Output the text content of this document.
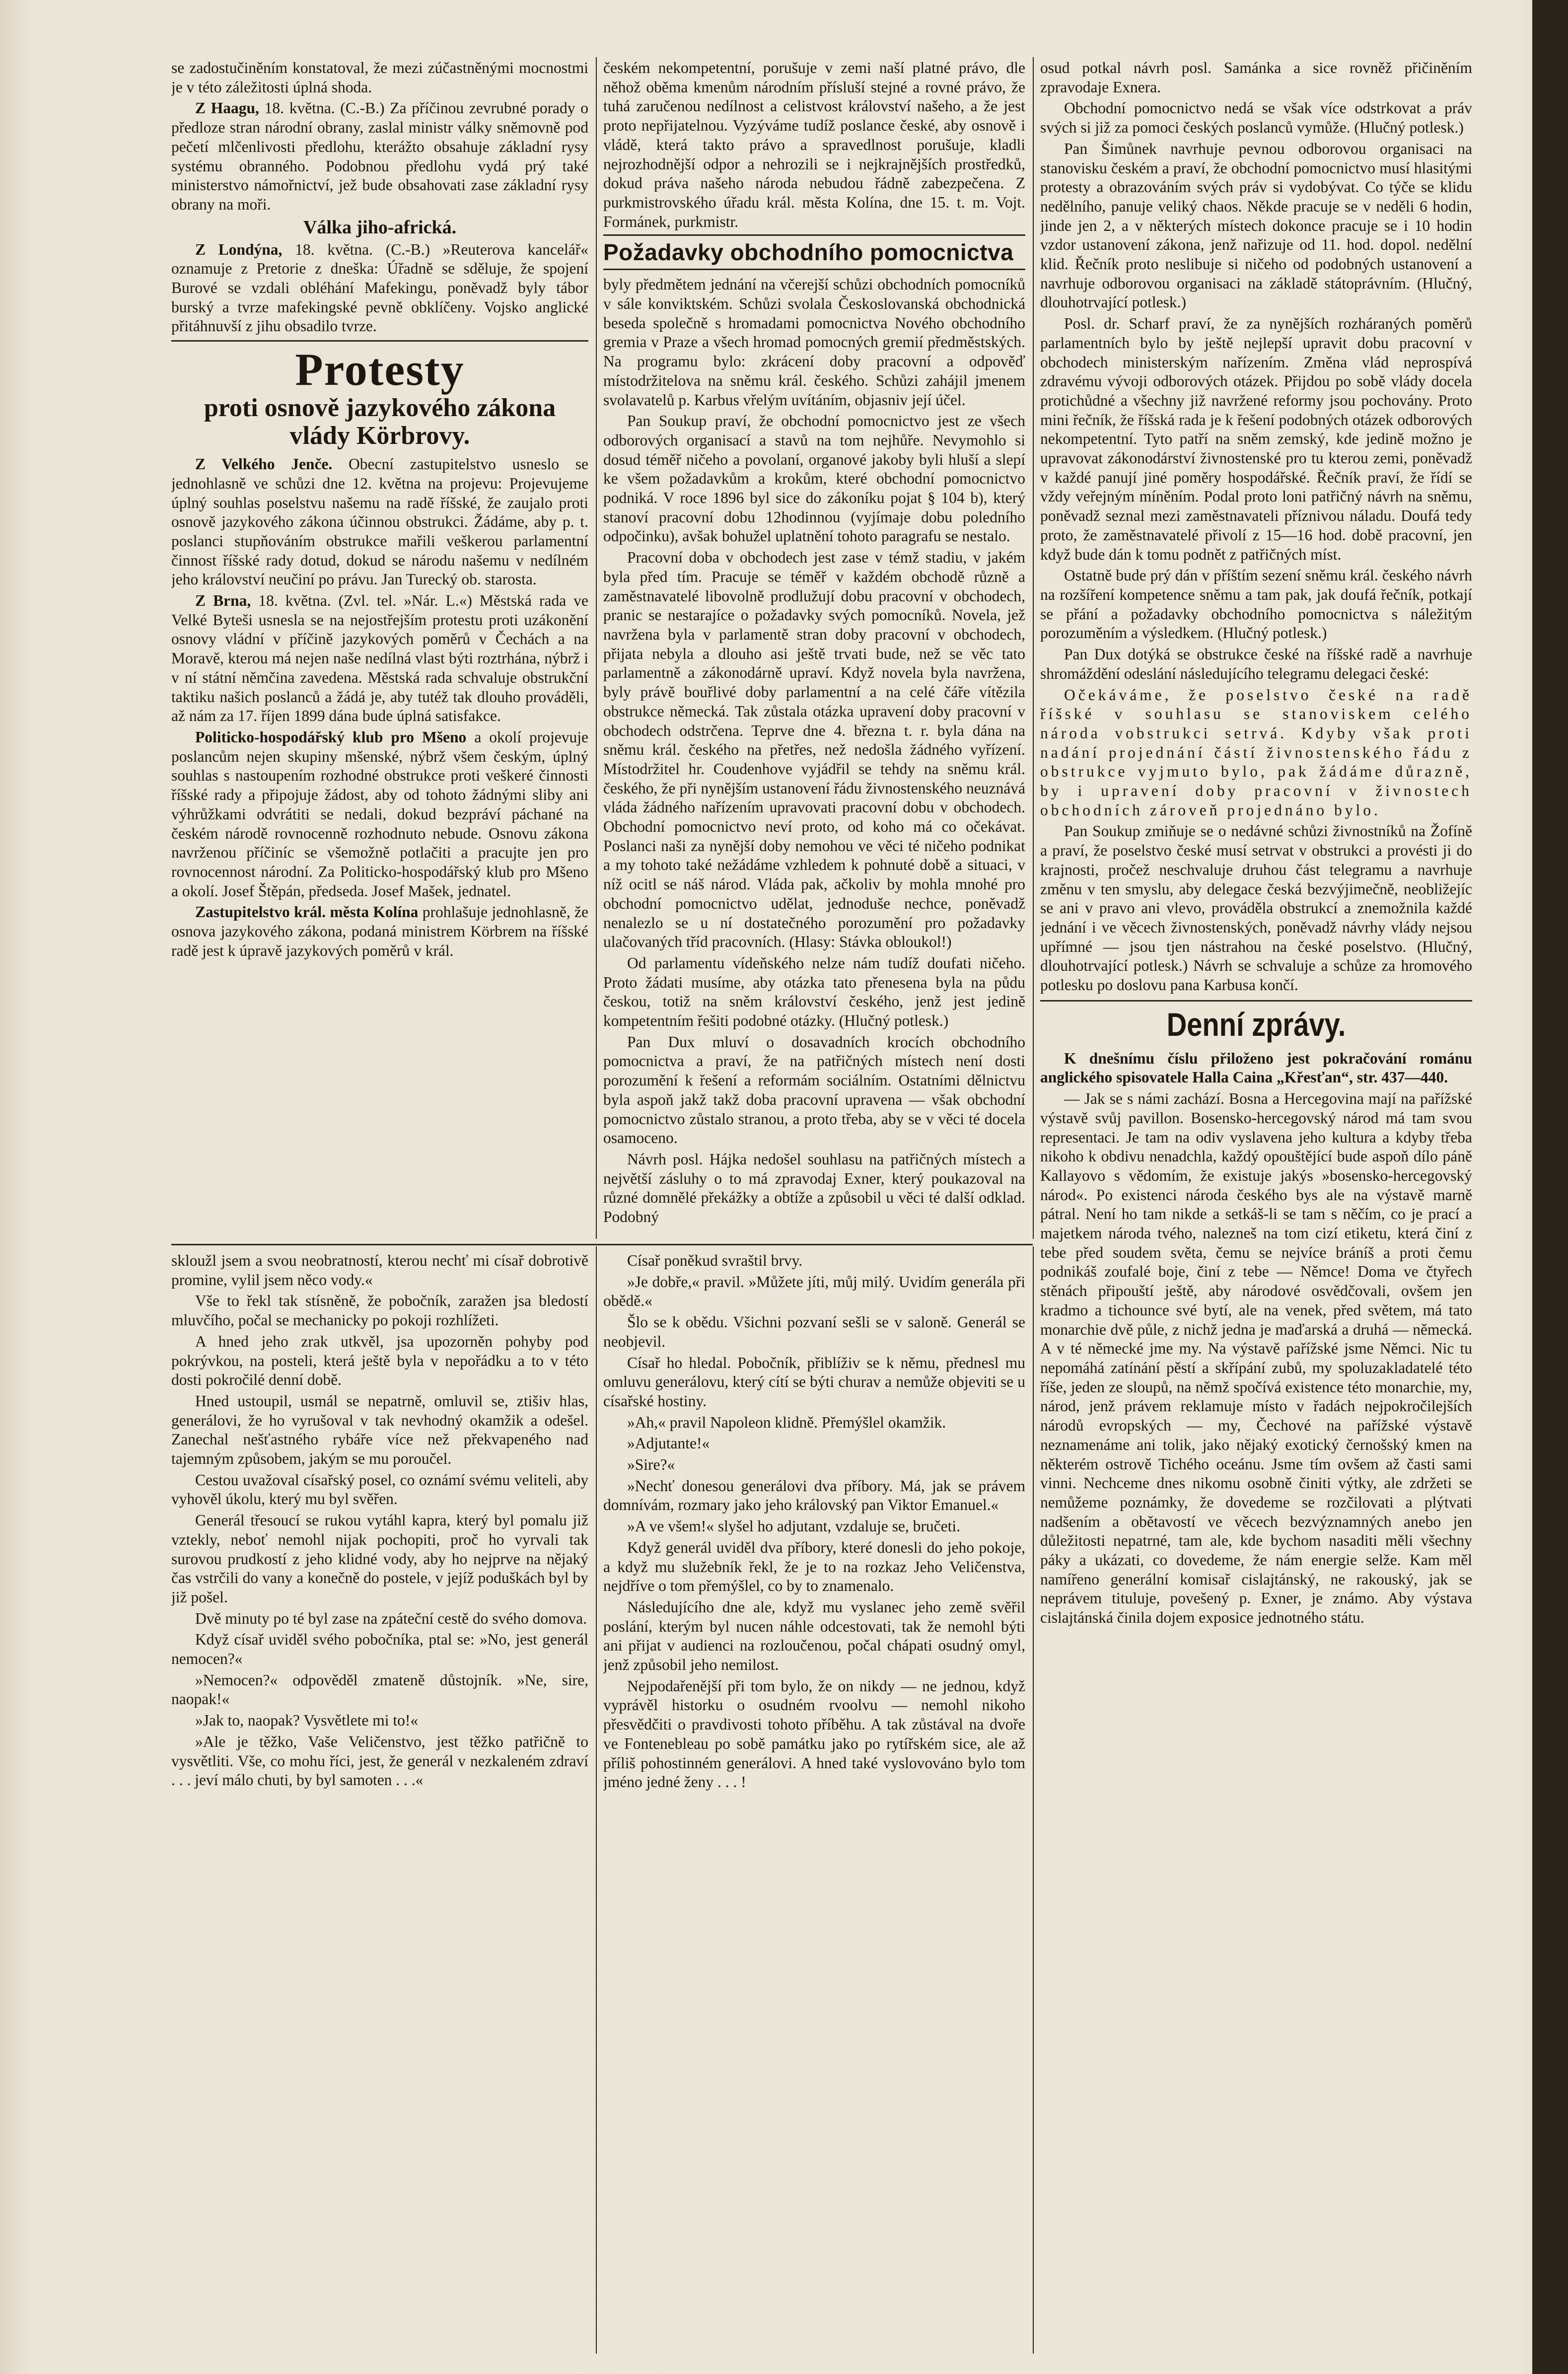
se zadostučiněním konstatoval, že mezi zúčastněnými mocnostmi je v této záležitosti úplná shoda.

Z Haagu, 18. května. (C.-B.) Za příčinou zevrubné porady o předloze stran národní obrany, zaslal ministr války sněmovně pod pečetí mlčenlivosti předlohu, kterážto obsahuje základní rysy systému obranného. Podobnou předlohu vydá prý také ministerstvo námořnictví, jež bude obsahovati zase základní rysy obrany na moři.

Válka jiho-africká.

Z Londýna, 18. května. (C.-B.) »Reuterova kancelář« oznamuje z Pretorie z dneška: Úřadně se sděluje, že spojení Burové se vzdali obléhání Mafekingu, poněvadž byly tábor burský a tvrze mafekingské pevně obklíčeny. Vojsko anglické přitáhnuvší z jihu obsadilo tvrze.

Protesty
proti osnově jazykového zákona vlády Körbrovy.

Z Velkého Jenče. Obecní zastupitelstvo usneslo se jednohlasně ve schůzi dne 12. května na projevu: Projevujeme úplný souhlas poselstvu našemu na radě říšské, že zaujalo proti osnově jazykového zákona účinnou obstrukci. Žádáme, aby p. t. poslanci stupňováním obstrukce mařili veškerou parlamentní činnost říšské rady dotud, dokud se národu našemu v nedílném jeho království neučiní po právu. Jan Turecký ob. starosta.

Z Brna, 18. května. (Zvl. tel. »Nár. L.«) Městská rada ve Velké Byteši usnesla se na nejostřejším protestu proti uzákonění osnovy vládní v příčině jazykových poměrů v Čechách a na Moravě, kterou má nejen naše nedílná vlast býti roztrhána, nýbrž i v ní státní němčina zavedena. Městská rada schvaluje obstrukční taktiku našich poslanců a žádá je, aby tutéž tak dlouho prováděli, až nám za 17. říjen 1899 dána bude úplná satisfakce.

Politicko-hospodářský klub pro Mšeno a okolí projevuje poslancům nejen skupiny mšenské, nýbrž všem českým, úplný souhlas s nastoupením rozhodné obstrukce proti veškeré činnosti říšské rady a připojuje žádost, aby od tohoto žádnými sliby ani výhrůžkami odvrátiti se nedali, dokud bezpráví páchané na českém národě rovnocenně rozhodnuto nebude. Osnovu zákona navrženou příčiníc se všemožně potlačiti a pracujte jen pro rovnocennost národní. Za Politicko-hospodářský klub pro Mšeno a okolí. Josef Štěpán, předseda. Josef Mašek, jednatel.

Zastupitelstvo král. města Kolína prohlašuje jednohlasně, že osnova jazykového zákona, podaná ministrem Körbrem na říšské radě jest k úpravě jazykových poměrů v král.

českém nekompetentní, porušuje v zemi naší platné právo, dle něhož oběma kmenům národním přísluší stejné a rovné právo, že tuhá zaručenou nedílnost a celistvost království našeho, a že jest proto nepřijatelnou. Vyzýváme tudíž poslance české, aby osnově i vládě, která takto právo a spravedlnost porušuje, kladli nejrozhodnější odpor a nehrozili se i nejkrajnějších prostředků, dokud práva našeho národa nebudou řádně zabezpečena. Z purkmistrovského úřadu král. města Kolína, dne 15. t. m. Vojt. Formánek, purkmistr.

Požadavky obchodního pomocnictva

byly předmětem jednání na včerejší schůzi obchodních pomocníků v sále konviktském. Schůzi svolala Českoslovanská obchodnická beseda společně s hromadami pomocnictva Nového obchodního gremia v Praze a všech hromad pomocných gremií předměstských. Na programu bylo: zkrácení doby pracovní a odpověď místodržitelova na sněmu král. českého. Schůzi zahájil jmenem svolavatelů p. Karbus vřelým uvítáním, objasniv její účel.

Pan Soukup praví, že obchodní pomocnictvo jest ze všech odborových organisací a stavů na tom nejhůře. Nevymohlo si dosud téměř ničeho a povolaní, organové jakoby byli hluší a slepí ke všem požadavkům a krokům, které obchodní pomocnictvo podniká. V roce 1896 byl sice do zákoníku pojat § 104 b), který stanoví pracovní dobu 12hodinnou (vyjímaje dobu poledního odpočinku), avšak bohužel uplatnění tohoto paragrafu se nestalo.

Pracovní doba v obchodech jest zase v témž stadiu, v jakém byla před tím. Pracuje se téměř v každém obchodě různě a zaměstnavatelé libovolně prodlužují dobu pracovní v obchodech, pranic se nestarajíce o požadavky svých pomocníků. Novela, jež navržena byla v parlamentě stran doby pracovní v obchodech, přijata nebyla a dlouho asi ještě trvati bude, než se věc tato parlamentně a zákonodárně upraví. Když novela byla navržena, byly právě bouřlivé doby parlamentní a na celé čáře vítězila obstrukce německá. Tak zůstala otázka upravení doby pracovní v obchodech odstrčena. Teprve dne 4. března t. r. byla dána na sněmu král. českého na přetřes, než nedošla žádného vyřízení. Místodržitel hr. Coudenhove vyjádřil se tehdy na sněmu král. českého, že při nynějším ustanovení řádu živnostenského neuznává vláda žádného nařízením upravovati pracovní dobu v obchodech. Obchodní pomocnictvo neví proto, od koho má co očekávat. Poslanci naši za nynější doby nemohou ve věci té ničeho podnikat a my tohoto také nežádáme vzhledem k pohnuté době a situaci, v níž ocitl se náš národ. Vláda pak, ačkoliv by mohla mnohé pro obchodní pomocnictvo udělat, jednoduše nechce, poněvadž nenalezlo se u ní dostatečného porozumění pro požadavky ulačovaných tříd pracovních. (Hlasy: Stávka obloukol!)

Od parlamentu vídeňského nelze nám tudíž doufati ničeho. Proto žádati musíme, aby otázka tato přenesena byla na půdu českou, totiž na sněm království českého, jenž jest jedině kompetentním řešiti podobné otázky. (Hlučný potlesk.)

Pan Dux mluví o dosavadních krocích obchodního pomocnictva a praví, že na patřičných místech není dosti porozumění k řešení a reformám sociálním. Ostatními dělnictvu byla aspoň jakž takž doba pracovní upravena — však obchodní pomocnictvo zůstalo stranou, a proto třeba, aby se v věci té docela osamoceno.

Návrh posl. Hájka nedošel souhlasu na patřičných místech a největší zásluhy o to má zpravodaj Exner, který poukazoval na různé domnělé překážky a obtíže a způsobil u věci té další odklad. Podobný

osud potkal návrh posl. Samánka a sice rovněž přičiněním zpravodaje Exnera.

Obchodní pomocnictvo nedá se však více odstrkovat a práv svých si již za pomoci českých poslanců vymůže. (Hlučný potlesk.)

Pan Šimůnek navrhuje pevnou odborovou organisaci na stanovisku českém a praví, že obchodní pomocnictvo musí hlasitými protesty a obrazováním svých práv si vydobývat. Co týče se klidu nedělního, panuje veliký chaos. Někde pracuje se v neděli 6 hodin, jinde jen 2, a v některých místech dokonce pracuje se i 10 hodin vzdor ustanovení zákona, jenž nařizuje od 11. hod. dopol. nedělní klid. Řečník proto neslibuje si ničeho od podobných ustanovení a navrhuje odborovou organisaci na základě státoprávním. (Hlučný, dlouhotrvající potlesk.)

Posl. dr. Scharf praví, že za nynějších rozháraných poměrů parlamentních bylo by ještě nejlepší upravit dobu pracovní v obchodech ministerským nařízením. Změna vlád neprospívá zdravému vývoji odborových otázek. Přijdou po sobě vlády docela protichůdné a všechny již navržené reformy jsou pochovány. Proto mini řečník, že říšská rada je k řešení podobných otázek odborových nekompetentní. Tyto patří na sněm zemský, kde jedině možno je upravovat zákonodárství živnostenské pro tu kterou zemi, poněvadž v každé panují jiné poměry hospodářské. Řečník praví, že řídí se vždy veřejným míněním. Podal proto loni patřičný návrh na sněmu, poněvadž seznal mezi zaměstnavateli příznivou náladu. Doufá tedy proto, že zaměstnavatelé přivolí z 15—16 hod. době pracovní, jen když bude dán k tomu podnět z patřičných míst.

Ostatně bude prý dán v příštím sezení sněmu král. českého návrh na rozšíření kompetence sněmu a tam pak, jak doufá řečník, potkají se přání a požadavky obchodního pomocnictva s náležitým porozuměním a výsledkem. (Hlučný potlesk.)

Pan Dux dotýká se obstrukce české na říšské radě a navrhuje shromáždění odeslání následujícího telegramu delegaci české:

Očekáváme, že poselstvo české na radě říšské v souhlasu se stanoviskem celého národa vobstrukci setrvá. Kdyby však proti nadání projednání částí živnostenského řádu z obstrukce vyjmuto bylo, pak žádáme důrazně, by i upravení doby pracovní v živnostech obchodních zároveň projednáno bylo.

Pan Soukup zmiňuje se o nedávné schůzi živnostníků na Žofíně a praví, že poselstvo české musí setrvat v obstrukci a provésti ji do krajnosti, pročež neschvaluje druhou část telegramu a navrhuje změnu v ten smyslu, aby delegace česká bezvýjimečně, neobližejíc se ani v pravo ani vlevo, prováděla obstrukcí a znemožnila každé jednání i ve věcech živnostenských, poněvadž návrhy vlády nejsou upřímné — jsou tjen nástrahou na české poselstvo. (Hlučný, dlouhotrvající potlesk.) Návrh se schvaluje a schůze za hromového potlesku po doslovu pana Karbusa končí.

Denní zprávy.

K dnešnímu číslu přiloženo jest pokračování románu anglického spisovatele Halla Caina „Křesťan“, str. 437—440.

— Jak se s námi zachází. Bosna a Hercegovina mají na pařížské výstavě svůj pavillon. Bosensko-hercegovský národ má tam svou representaci. Je tam na odiv vyslavena jeho kultura a kdyby třeba nikoho k obdivu nenadchla, každý opouštějící bude aspoň dílo páně Kallayovo s vědomím, že existuje jakýs »bosensko-hercegovský národ«. Po existenci národa českého bys ale na výstavě marně pátral. Není ho tam nikde a setkáš-li se tam s něčím, co je prací a majetkem národa tvého, nalezneš na tom cizí etiketu, která činí z tebe před soudem světa, čemu se nejvíce bráníš a proti čemu podnikáš zoufalé boje, činí z tebe — Němce! Doma ve čtyřech stěnách připouští ještě, aby národové osvědčovali, ovšem jen kradmo a tichounce své bytí, ale na venek, před světem, má tato monarchie dvě půle, z nichž jedna je maďarská a druhá — německá. A v té německé jme my. Na výstavě pařížské jsme Němci. Nic tu nepomáhá zatínání pěstí a skřípání zubů, my spoluzakladatelé této říše, jeden ze sloupů, na němž spočívá existence této monarchie, my, národ, jenž právem reklamuje místo v řadách nejpokročilejších národů evropských — my, Čechové na pařížské výstavě neznamenáme ani tolik, jako nějaký exotický černošský kmen na některém ostrově Tichého oceánu. Jsme tím ovšem až časti sami vinni. Nechceme dnes nikomu osobně činiti výtky, ale zdržeti se nemůžeme poznámky, že dovedeme se rozčilovati a plýtvati nadšením a obětavostí ve věcech bezvýznamných anebo jen důležitosti nepatrné, tam ale, kde bychom nasaditi měli všechny páky a ukázati, co dovedeme, že nám energie selže. Kam měl namířeno generální komisař cislajtánský, ne rakouský, jak se neprávem tituluje, povešený p. Exner, je známo. Aby výstava cislajtánská činila dojem exposice jednotného státu.

skloužl jsem a svou neobratností, kterou nechť mi císař dobrotivě promine, vylil jsem něco vody.«

Vše to řekl tak stísněně, že pobočník, zaražen jsa bledostí mluvčího, počal se mechanicky po pokoji rozhlížeti.

A hned jeho zrak utkvěl, jsa upozorněn pohyby pod pokrývkou, na posteli, která ještě byla v nepořádku a to v této dosti pokročilé denní době.

Hned ustoupil, usmál se nepatrně, omluvil se, ztišiv hlas, generálovi, že ho vyrušoval v tak nevhodný okamžik a odešel. Zanechal nešťastného rybáře více než překvapeného nad tajemným způsobem, jakým se mu poroučel.

Cestou uvažoval císařský posel, co oznámí svému veliteli, aby vyhověl úkolu, který mu byl svěřen.

Generál třesoucí se rukou vytáhl kapra, který byl pomalu již vztekly, neboť nemohl nijak pochopiti, proč ho vyrvali tak surovou prudkostí z jeho klidné vody, aby ho nejprve na nějaký čas vstrčili do vany a konečně do postele, v jejíž poduškách byl by již pošel.

Dvě minuty po té byl zase na zpáteční cestě do svého domova.

Když císař uviděl svého pobočníka, ptal se: »No, jest generál nemocen?«

»Nemocen?« odpověděl zmateně důstojník. »Ne, sire, naopak!«

»Jak to, naopak? Vysvětlete mi to!«

»Ale je těžko, Vaše Veličenstvo, jest těžko patřičně to vysvětliti. Vše, co mohu říci, jest, že generál v nezkaleném zdraví . . . jeví málo chuti, by byl samoten . . .«

Císař poněkud svraštil brvy.

»Je dobře,« pravil. »Můžete jíti, můj milý. Uvidím generála při obědě.«

Šlo se k obědu. Všichni pozvaní sešli se v saloně. Generál se neobjevil.

Císař ho hledal. Pobočník, přiblíživ se k němu, přednesl mu omluvu generálovu, který cítí se býti churav a nemůže objeviti se u císařské hostiny.

»Ah,« pravil Napoleon klidně. Přemýšlel okamžik.

»Adjutante!«

»Sire?«

»Nechť donesou generálovi dva příbory. Má, jak se právem domnívám, rozmary jako jeho královský pan Viktor Emanuel.«

»A ve všem!« slyšel ho adjutant, vzdaluje se, bručeti.

Když generál uviděl dva příbory, které donesli do jeho pokoje, a když mu služebník řekl, že je to na rozkaz Jeho Veličenstva, nejdříve o tom přemýšlel, co by to znamenalo.

Následujícího dne ale, když mu vyslanec jeho země svěřil poslání, kterým byl nucen náhle odcestovati, tak že nemohl býti ani přijat v audienci na rozloučenou, počal chápati osudný omyl, jenž způsobil jeho nemilost.

Nejpodařenější při tom bylo, že on nikdy — ne jednou, když vyprávěl historku o osudném rvoolvu — nemohl nikoho přesvědčiti o pravdivosti tohoto příběhu. A tak zůstával na dvoře ve Fontenebleau po sobě památku jako po rytířském sice, ale až příliš pohostinném generálovi. A hned také vyslovováno bylo tom jméno jedné ženy . . . !
